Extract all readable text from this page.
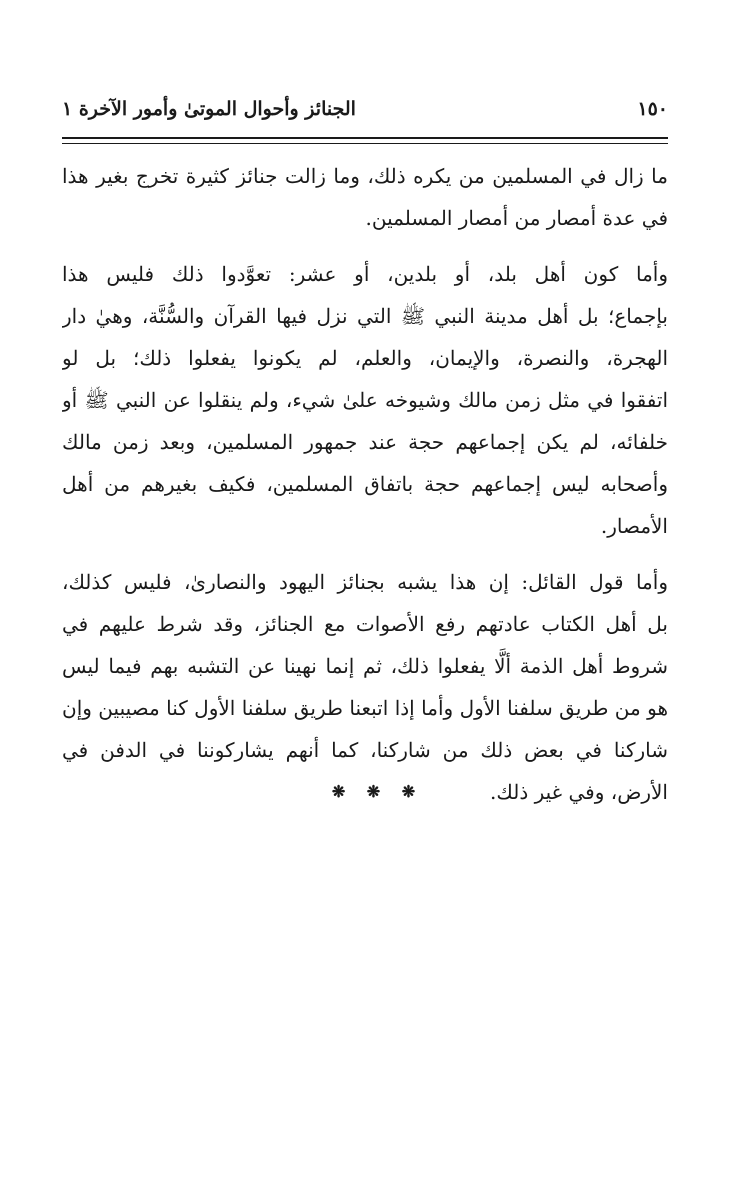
١٥٠
الجنائز وأحوال الموتىٰ وأمور الآخرة ١
ما زال في المسلمين من يكره ذلك، وما زالت جنائز كثيرة تخرج بغير هذا
في عدة أمصار من أمصار المسلمين.
وأما كون أهل بلد، أو بلدين، أو عشر: تعوَّدوا ذلك فليس هذا
بإجماع؛ بل أهل مدينة النبي ﷺ التي نزل فيها القرآن والسُّنَّة، وهيٰ دار
الهجرة، والنصرة، والإيمان، والعلم، لم يكونوا يفعلوا ذلك؛ بل لو
اتفقوا في مثل زمن مالك وشيوخه علىٰ شيء، ولم ينقلوا عن النبي ﷺ أو
خلفائه، لم يكن إجماعهم حجة عند جمهور المسلمين، وبعد زمن مالك
وأصحابه ليس إجماعهم حجة باتفاق المسلمين، فكيف بغيرهم من أهل
الأمصار.
وأما قول القائل: إن هذا يشبه بجنائز اليهود والنصارىٰ، فليس كذلك،
بل أهل الكتاب عادتهم رفع الأصوات مع الجنائز، وقد شرط عليهم في
شروط أهل الذمة ألَّا يفعلوا ذلك، ثم إنما نهينا عن التشبه بهم فيما ليس
هو من طريق سلفنا الأول وأما إذا اتبعنا طريق سلفنا الأول كنا مصيبين وإن
شاركنا في بعض ذلك من شاركنا، كما أنهم يشاركوننا في الدفن في
الأرض، وفي غير ذلك.
❋ ❋ ❋
